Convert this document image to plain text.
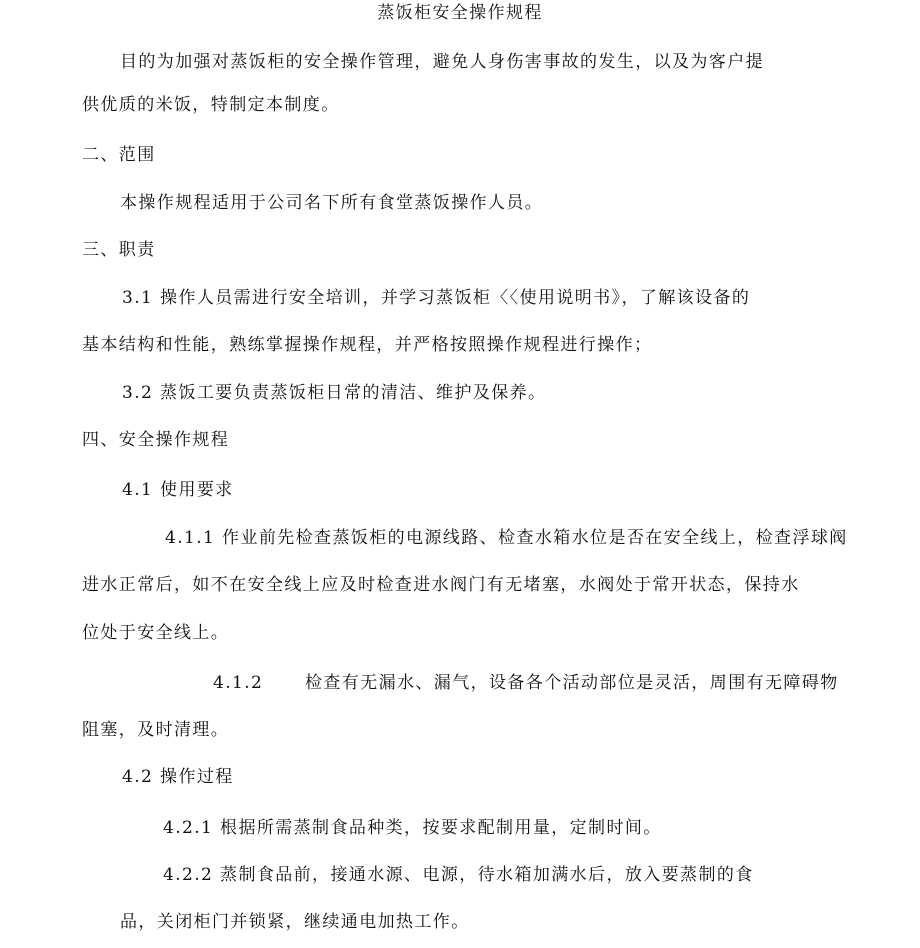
蒸饭柜安全操作规程
目的为加强对蒸饭柜的安全操作管理，避免人身伤害事故的发生，以及为客户提
供优质的米饭，特制定本制度。
二、范围
本操作规程适用于公司名下所有食堂蒸饭操作人员。
三、职责
3.1 操作人员需进行安全培训，并学习蒸饭柜〈〈使用说明书》，了解该设备的
基本结构和性能，熟练掌握操作规程，并严格按照操作规程进行操作；
3.2 蒸饭工要负责蒸饭柜日常的清洁、维护及保养。
四、安全操作规程
4.1 使用要求
4.1.1 作业前先检查蒸饭柜的电源线路、检查水箱水位是否在安全线上，检查浮球阀
进水正常后，如不在安全线上应及时检查进水阀门有无堵塞，水阀处于常开状态，保持水
位处于安全线上。
4.1.2 检查有无漏水、漏气，设备各个活动部位是灵活，周围有无障碍物
阻塞，及时清理。
4.2 操作过程
4.2.1 根据所需蒸制食品种类，按要求配制用量，定制时间。
4.2.2 蒸制食品前，接通水源、电源，待水箱加满水后，放入要蒸制的食
品，关闭柜门并锁紧，继续通电加热工作。
